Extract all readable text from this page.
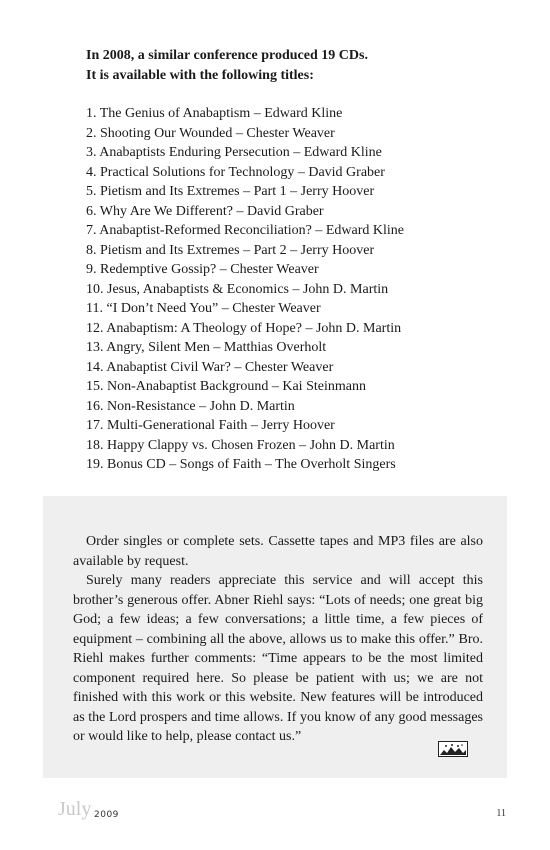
In 2008, a similar conference produced 19 CDs.
It is available with the following titles:
1. The Genius of Anabaptism – Edward Kline
2. Shooting Our Wounded – Chester Weaver
3. Anabaptists Enduring Persecution – Edward Kline
4. Practical Solutions for Technology – David Graber
5. Pietism and Its Extremes – Part 1 – Jerry Hoover
6. Why Are We Different? – David Graber
7. Anabaptist-Reformed Reconciliation? – Edward Kline
8. Pietism and Its Extremes – Part 2 – Jerry Hoover
9. Redemptive Gossip? – Chester Weaver
10. Jesus, Anabaptists & Economics – John D. Martin
11. “I Don’t Need You” – Chester Weaver
12. Anabaptism: A Theology of Hope? – John D. Martin
13. Angry, Silent Men – Matthias Overholt
14. Anabaptist Civil War? – Chester Weaver
15. Non-Anabaptist Background – Kai Steinmann
16. Non-Resistance – John D. Martin
17. Multi-Generational Faith – Jerry Hoover
18. Happy Clappy vs. Chosen Frozen – John D. Martin
19. Bonus CD – Songs of Faith – The Overholt Singers

Order singles or complete sets. Cassette tapes and MP3 files are also available by request.

Surely many readers appreciate this service and will accept this brother’s generous offer. Abner Riehl says: “Lots of needs; one great big God; a few ideas; a few conversations; a little time, a few pieces of equipment – combining all the above, allows us to make this offer.” Bro. Riehl makes further comments: “Time appears to be the most limited component required here. So please be patient with us; we are not finished with this work or this website. New features will be introduced as the Lord prospers and time allows. If you know of any good messages or would like to help, please contact us.”

July 2009	11
